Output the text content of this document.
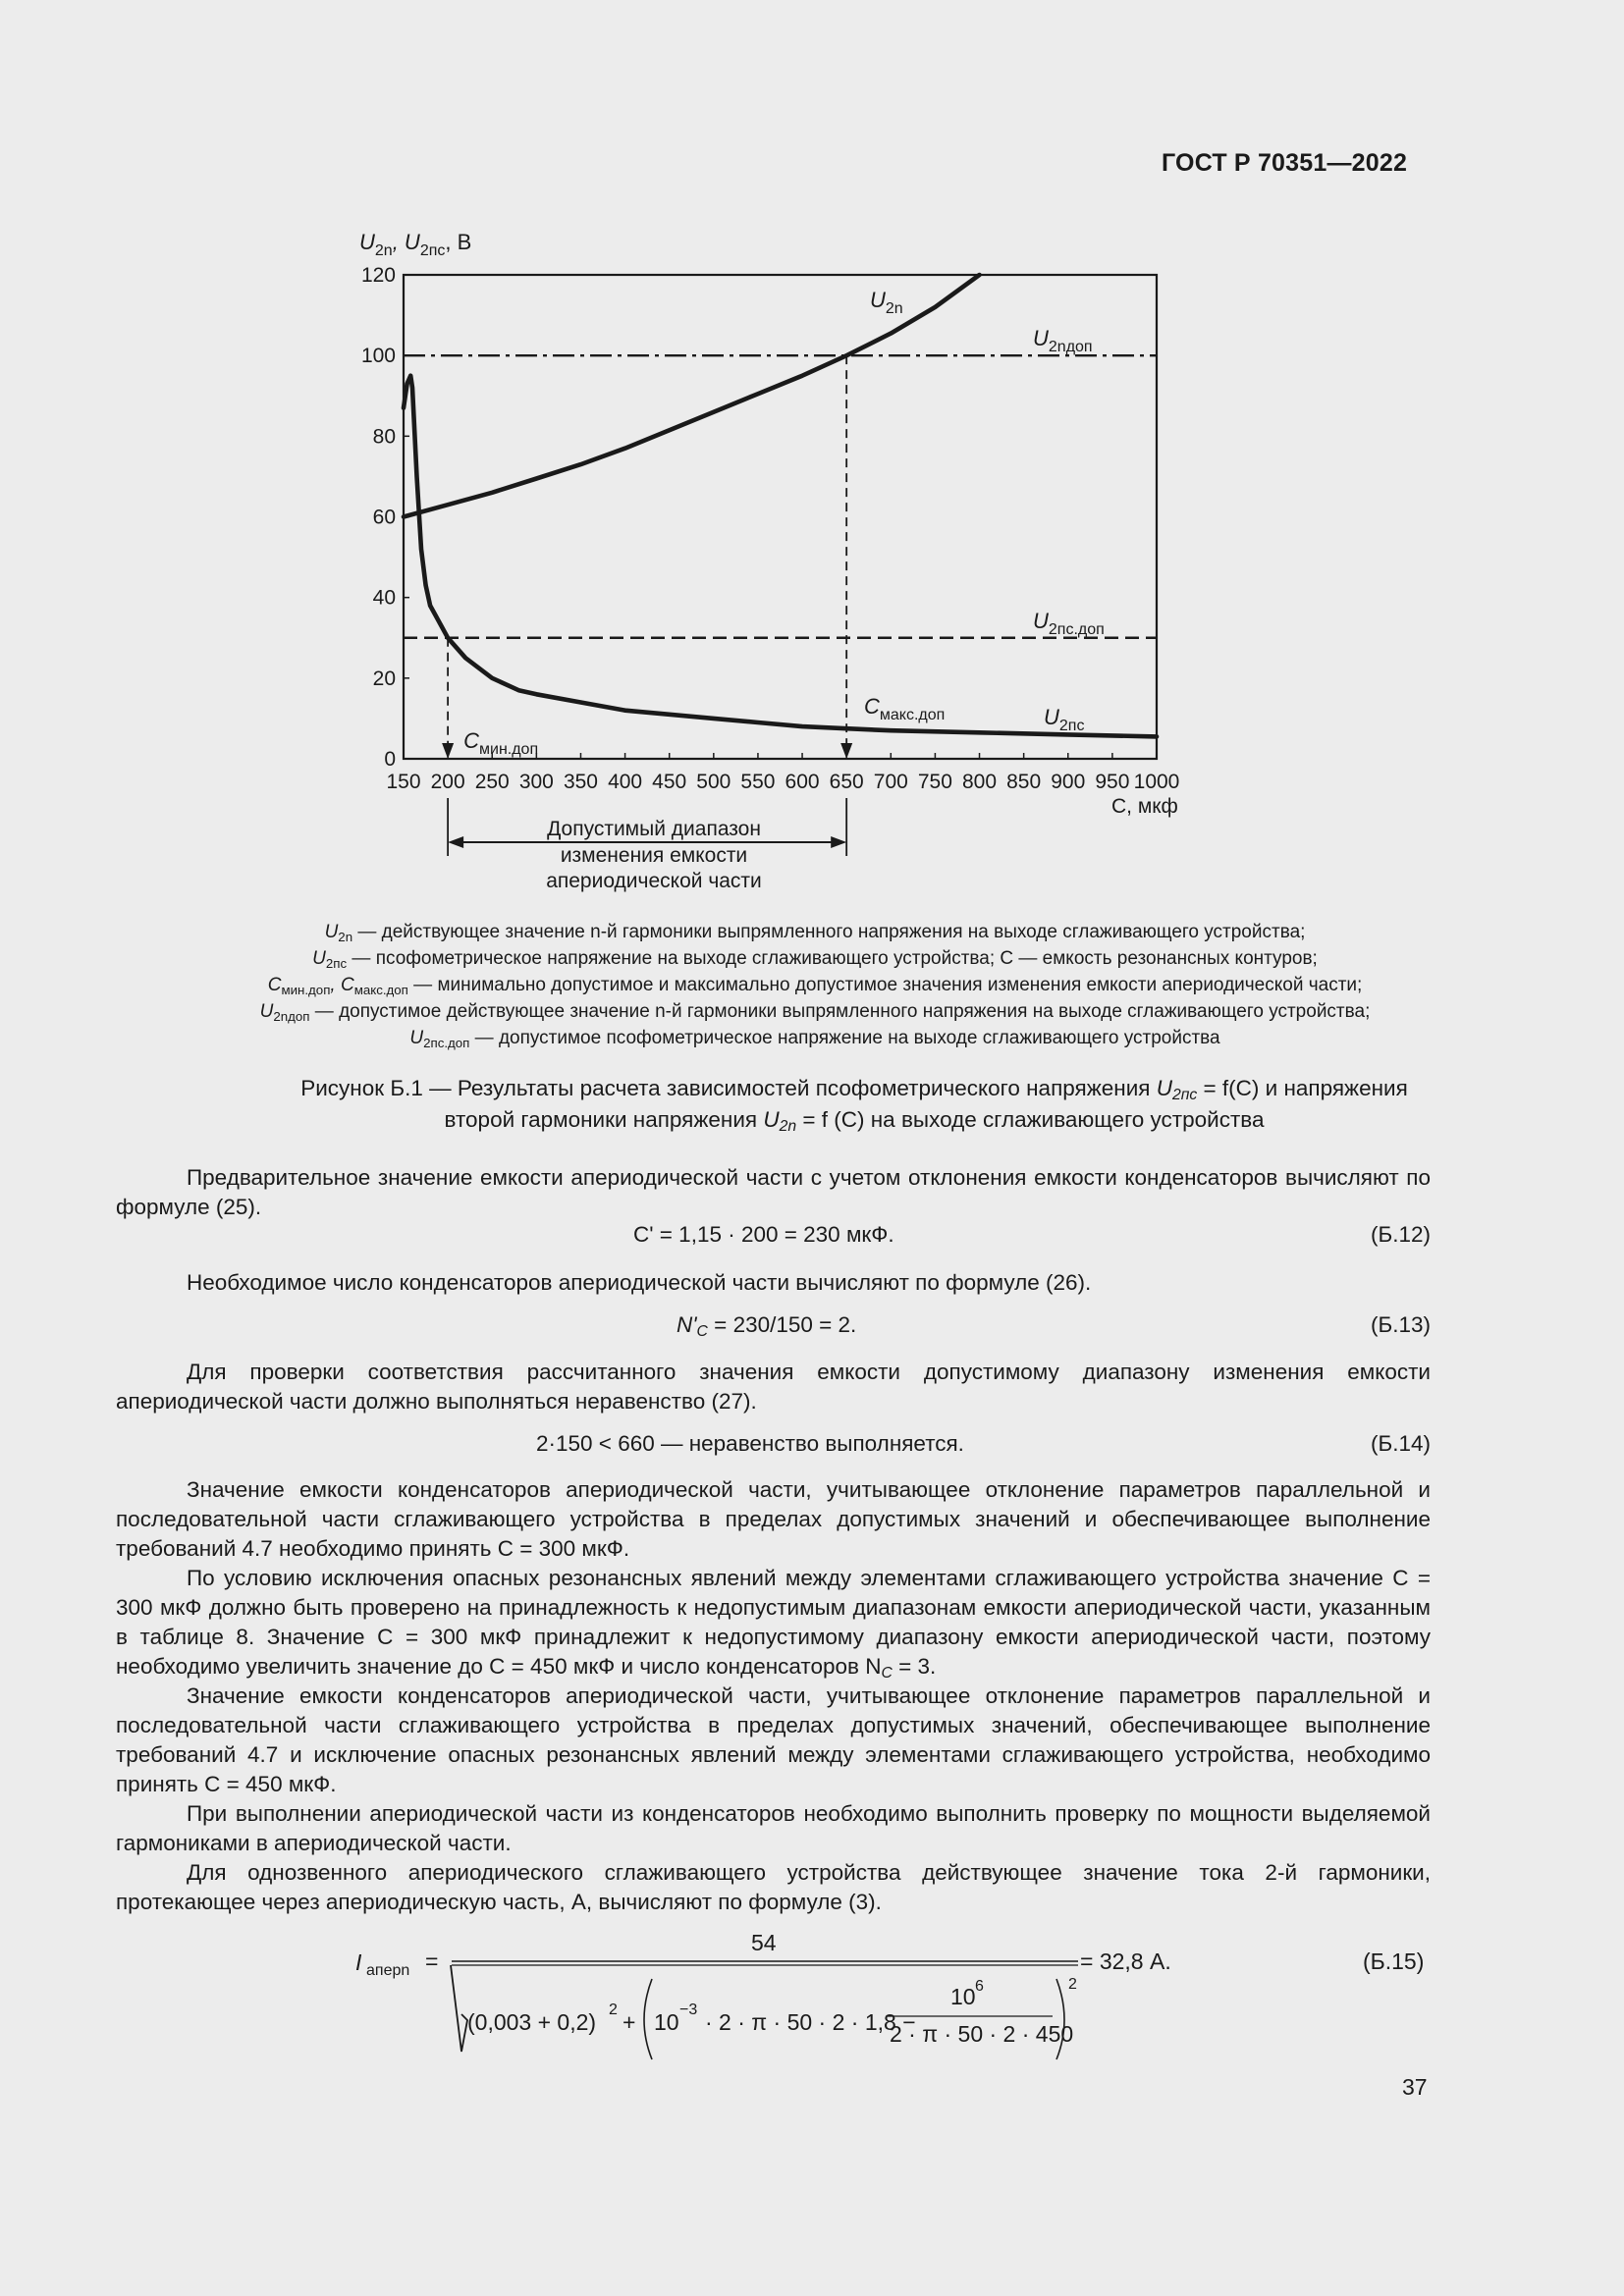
ГОСТ Р 70351—2022
0
20
40
60
80
100
120
150 200 250 300 350 400 450 500 550 600 650 700 750 800 850 900 950 1000
$U_{2n}$, $U_{2пс}$, В
С, мкф
$U_{2nдоп}$
$U_{2пс.доп}$
$С_{мин.доп}$
$С_{макс.доп}$
$U_{2n}$
$U_{2пс}$
Допустимый диапазон
изменения емкости
апериодической части
$U_{2n}$ — действующее значение n-й гармоники выпрямленного напряжения на выходе сглаживающего устройства;
$U_{2пс}$ — псофометрическое напряжение на выходе сглаживающего устройства; С — емкость резонансных контуров;
$С_{мин.доп}$, $С_{макс.доп}$ — минимально допустимое и максимально допустимое значения изменения емкости апериодической части;
$U_{2nдоп}$ — допустимое действующее значение n-й гармоники выпрямленного напряжения на выходе сглаживающего устройства;
$U_{2пс.доп}$ — допустимое псофометрическое напряжение на выходе сглаживающего устройства
Рисунок Б.1 — Результаты расчета зависимостей псофометрического напряжения $U_{2пс} = f(C)$ и напряжения
второй гармоники напряжения $U_{2n} = f$ (C) на выходе сглаживающего устройства

Предварительное значение емкости апериодической части с учетом отклонения емкости конденсаторов вычисляют по формуле (25).

C' = 1,15 · 200 = 230 мкФ.	(Б.12)

Необходимое число конденсаторов апериодической части вычисляют по формуле (26).

$N'_C = 230/150 = 2$.	(Б.13)

Для проверки соответствия рассчитанного значения емкости допустимому диапазону изменения емкости апериодической части должно выполняться неравенство (27).

2·150 < 660 — неравенство выполняется.	(Б.14)

Значение емкости конденсаторов апериодической части, учитывающее отклонение параметров параллельной и последовательной части сглаживающего устройства в пределах допустимых значений и обеспечивающее выполнение требований 4.7 необходимо принять С = 300 мкФ.

По условию исключения опасных резонансных явлений между элементами сглаживающего устройства значение С = 300 мкФ должно быть проверено на принадлежность к недопустимым диапазонам емкости апериодической части, указанным в таблице 8. Значение С = 300 мкФ принадлежит к недопустимому диапазону емкости апериодической части, поэтому необходимо увеличить значение до С = 450 мкФ и число конденсаторов $N_C = 3$.

Значение емкости конденсаторов апериодической части, учитывающее отклонение параметров параллельной и последовательной части сглаживающего устройства в пределах допустимых значений, обеспечивающее выполнение требований 4.7 и исключение опасных резонансных явлений между элементами сглаживающего устройства, необходимо принять С = 450 мкФ.

При выполнении апериодической части из конденсаторов необходимо выполнить проверку по мощности выделяемой гармониками в апериодической части.

Для однозвенного апериодического сглаживающего устройства действующее значение тока 2-й гармоники, протекающее через апериодическую часть, А, вычисляют по формуле (3).

I аперn =
54
(0,003 + 0,2) 2 + 10 −3 · 2 · π · 50 · 2 · 1,8 −
10 6
2 · π · 50 · 2 · 450
2
= 32,8 А.	(Б.15)
37
